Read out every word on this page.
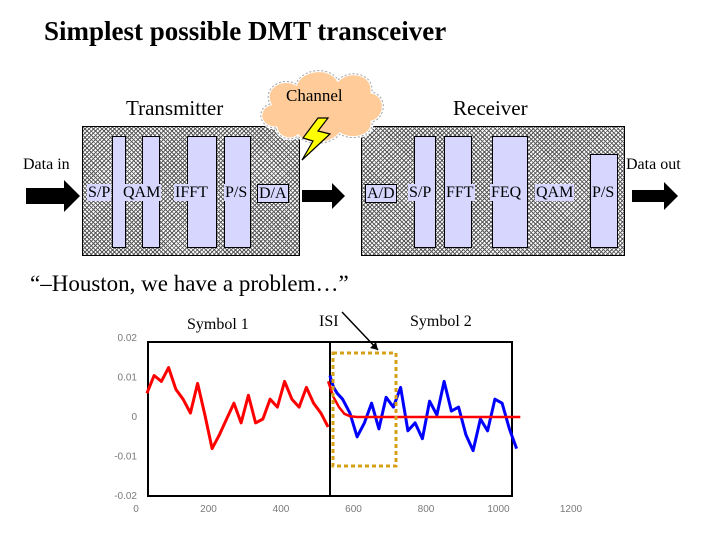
Simplest possible DMT transceiver
Transmitter	Receiver
Data in	Data out
S/P QAM IFFT P/S D/A	A/D S/P FFT FEQ QAM P/S
Channel
“–Houston, we have a problem…”
Symbol 1	ISI	Symbol 2
0	200	400	600	800	1000	1200
0.02
0.01
0
-0.01
-0.02
